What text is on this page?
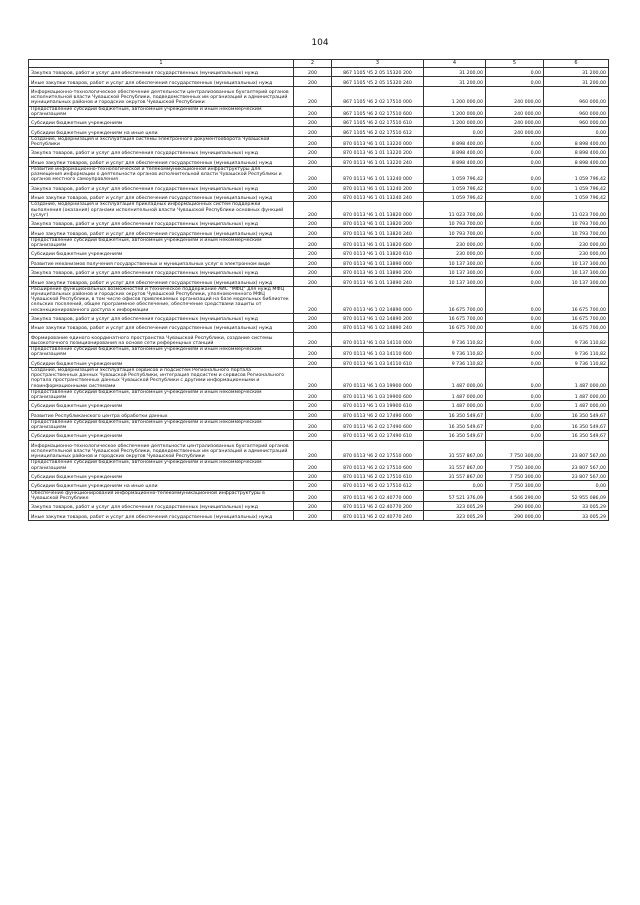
104
1	2	3	4	5	6
Закупка товаров, работ и услуг для обеспечения государственных (муниципальных) нужд	200	867 1105 Ч5 2 05 15320 200	31 200,00	0,00	31 200,00
Иные закупки товаров, работ и услуг для обеспечения государственных (муниципальных) нужд	200	867 1105 Ч5 2 05 15320 240	31 200,00	0,00	31 200,00
Информационно-технологическое обеспечение деятельности централизованных бухгалтерий органов исполнительной власти Чувашской Республики, подведомственных им организаций и администраций муниципальных районов и городских округов Чувашской Республики	200	867 1105 Ч6 2 02 17510 000	1 200 000,00	240 000,00	960 000,00
Предоставление субсидий бюджетным, автономным учреждениям и иным некоммерческим организациям	200	867 1105 Ч6 2 02 17510 600	1 200 000,00	240 000,00	960 000,00
Субсидии бюджетным учреждениям	200	867 1105 Ч6 2 02 17510 610	1 200 000,00	240 000,00	960 000,00
Субсидии бюджетным учреждениям на иные цели	200	867 1105 Ч6 2 02 17510 612	0,00	240 000,00	0,00
Создание, модернизация и эксплуатация системы электронного документооборота Чувашской Республики	200	870 0113 Ч6 1 01 13220 000	8 898 400,00	0,00	8 898 400,00
Закупка товаров, работ и услуг для обеспечения государственных (муниципальных) нужд	200	870 0113 Ч6 1 01 13220 200	8 898 400,00	0,00	8 898 400,00
Иные закупки товаров, работ и услуг для обеспечения государственных (муниципальных) нужд	200	870 0113 Ч6 1 01 13220 240	8 898 400,00	0,00	8 898 400,00
Развитие информационно-технологической и телекоммуникационной инфраструктуры для размещения информации о деятельности органов исполнительной власти Чувашской Республики и органов местного самоуправления	200	870 0113 Ч6 1 01 13240 000	1 059 796,42	0,00	1 059 796,42
Закупка товаров, работ и услуг для обеспечения государственных (муниципальных) нужд	200	870 0113 Ч6 1 01 13240 200	1 059 796,42	0,00	1 059 796,42
Иные закупки товаров, работ и услуг для обеспечения государственных (муниципальных) нужд	200	870 0113 Ч6 1 01 13240 240	1 059 796,42	0,00	1 059 796,42
Создание, модернизация и эксплуатация прикладных информационных систем поддержки выполнения (оказания) органами исполнительной власти Чувашской Республики основных функций (услуг)	200	870 0113 Ч6 1 01 13820 000	11 023 700,00	0,00	11 023 700,00
Закупка товаров, работ и услуг для обеспечения государственных (муниципальных) нужд	200	870 0113 Ч6 1 01 13820 200	10 793 700,00	0,00	10 793 700,00
Иные закупки товаров, работ и услуг для обеспечения государственных (муниципальных) нужд	200	870 0113 Ч6 1 01 13820 240	10 793 700,00	0,00	10 793 700,00
Предоставление субсидий бюджетным, автономным учреждениям и иным некоммерческим организациям	200	870 0113 Ч6 1 01 13820 600	230 000,00	0,00	230 000,00
Субсидии бюджетным учреждениям	200	870 0113 Ч6 1 01 13820 610	230 000,00	0,00	230 000,00
Развитие механизмов получения государственных и муниципальных услуг в электронном виде	200	870 0113 Ч6 1 01 13890 000	10 137 300,00	0,00	10 137 300,00
Закупка товаров, работ и услуг для обеспечения государственных (муниципальных) нужд	200	870 0113 Ч6 1 01 13890 200	10 137 300,00	0,00	10 137 300,00
Иные закупки товаров, работ и услуг для обеспечения государственных (муниципальных) нужд	200	870 0113 Ч6 1 01 13890 240	10 137 300,00	0,00	10 137 300,00
Расширение функциональных возможностей и техническое поддержание АИС "МФЦ" для нужд МФЦ муниципальных районов и городских округов Чувашской Республики, уполномоченного МФЦ Чувашской Республики, в том числе офисов привлекаемых организаций на базе модельных библиотек сельских поселений, общее программное обеспечение, обеспечение средствами защиты от несанкционированного доступа к информации	200	870 0113 Ч6 1 02 14890 000	16 675 700,00	0,00	16 675 700,00
Закупка товаров, работ и услуг для обеспечения государственных (муниципальных) нужд	200	870 0113 Ч6 1 02 14890 200	16 675 700,00	0,00	16 675 700,00
Иные закупки товаров, работ и услуг для обеспечения государственных (муниципальных) нужд	200	870 0113 Ч6 1 02 14890 240	16 675 700,00	0,00	16 675 700,00
Формирование единого координатного пространства Чувашской Республики, создание системы высокоточного позиционирования на основе сети референцных станций	200	870 0113 Ч6 1 03 14110 000	9 736 110,82	0,00	9 736 110,82
Предоставление субсидий бюджетным, автономным учреждениям и иным некоммерческим организациям	200	870 0113 Ч6 1 03 14110 600	9 736 110,82	0,00	9 736 110,82
Субсидии бюджетным учреждениям	200	870 0113 Ч6 1 03 14110 610	9 736 110,82	0,00	9 736 110,82
Создание, модернизация и эксплуатация сервисов и подсистем Регионального портала пространственных данных Чувашской Республики, интеграция подсистем и сервисов Регионального портала пространственных данных Чувашской Республики с другими информационными и геоинформационными системами	200	870 0113 Ч6 1 03 19900 000	1 487 000,00	0,00	1 487 000,00
Предоставление субсидий бюджетным, автономным учреждениям и иным некоммерческим организациям	200	870 0113 Ч6 1 03 19900 600	1 487 000,00	0,00	1 487 000,00
Субсидии бюджетным учреждениям	200	870 0113 Ч6 1 03 19900 610	1 487 000,00	0,00	1 487 000,00
Развитие Республиканского центра обработки данных	200	870 0113 Ч6 2 02 17490 000	16 350 549,67	0,00	16 350 549,67
Предоставление субсидий бюджетным, автономным учреждениям и иным некоммерческим организациям	200	870 0113 Ч6 2 02 17490 600	16 350 549,67	0,00	16 350 549,67
Субсидии бюджетным учреждениям	200	870 0113 Ч6 2 02 17490 610	16 350 549,67	0,00	16 350 549,67
Информационно-технологическое обеспечение деятельности централизованных бухгалтерий органов исполнительной власти Чувашской Республики, подведомственных им организаций и администраций муниципальных районов и городских округов Чувашской Республики	200	870 0113 Ч6 2 02 17510 000	31 557 867,00	7 750 300,00	23 807 567,00
Предоставление субсидий бюджетным, автономным учреждениям и иным некоммерческим организациям	200	870 0113 Ч6 2 02 17510 600	31 557 867,00	7 750 300,00	23 807 567,00
Субсидии бюджетным учреждениям	200	870 0113 Ч6 2 02 17510 610	31 557 867,00	7 750 300,00	23 807 567,00
Субсидии бюджетным учреждениям на иные цели	200	870 0113 Ч6 2 02 17510 612	0,00	7 750 300,00	0,00
Обеспечение функционирования информационно-телекоммуникационной инфраструктуры в Чувашской Республике	200	870 0113 Ч6 2 02 40770 000	57 521 376,09	4 566 290,00	52 955 086,09
Закупка товаров, работ и услуг для обеспечения государственных (муниципальных) нужд	200	870 0113 Ч6 2 02 40770 200	323 005,29	290 000,00	33 005,29
Иные закупки товаров, работ и услуг для обеспечения государственных (муниципальных) нужд	200	870 0113 Ч6 2 02 40770 240	323 005,29	290 000,00	33 005,29
